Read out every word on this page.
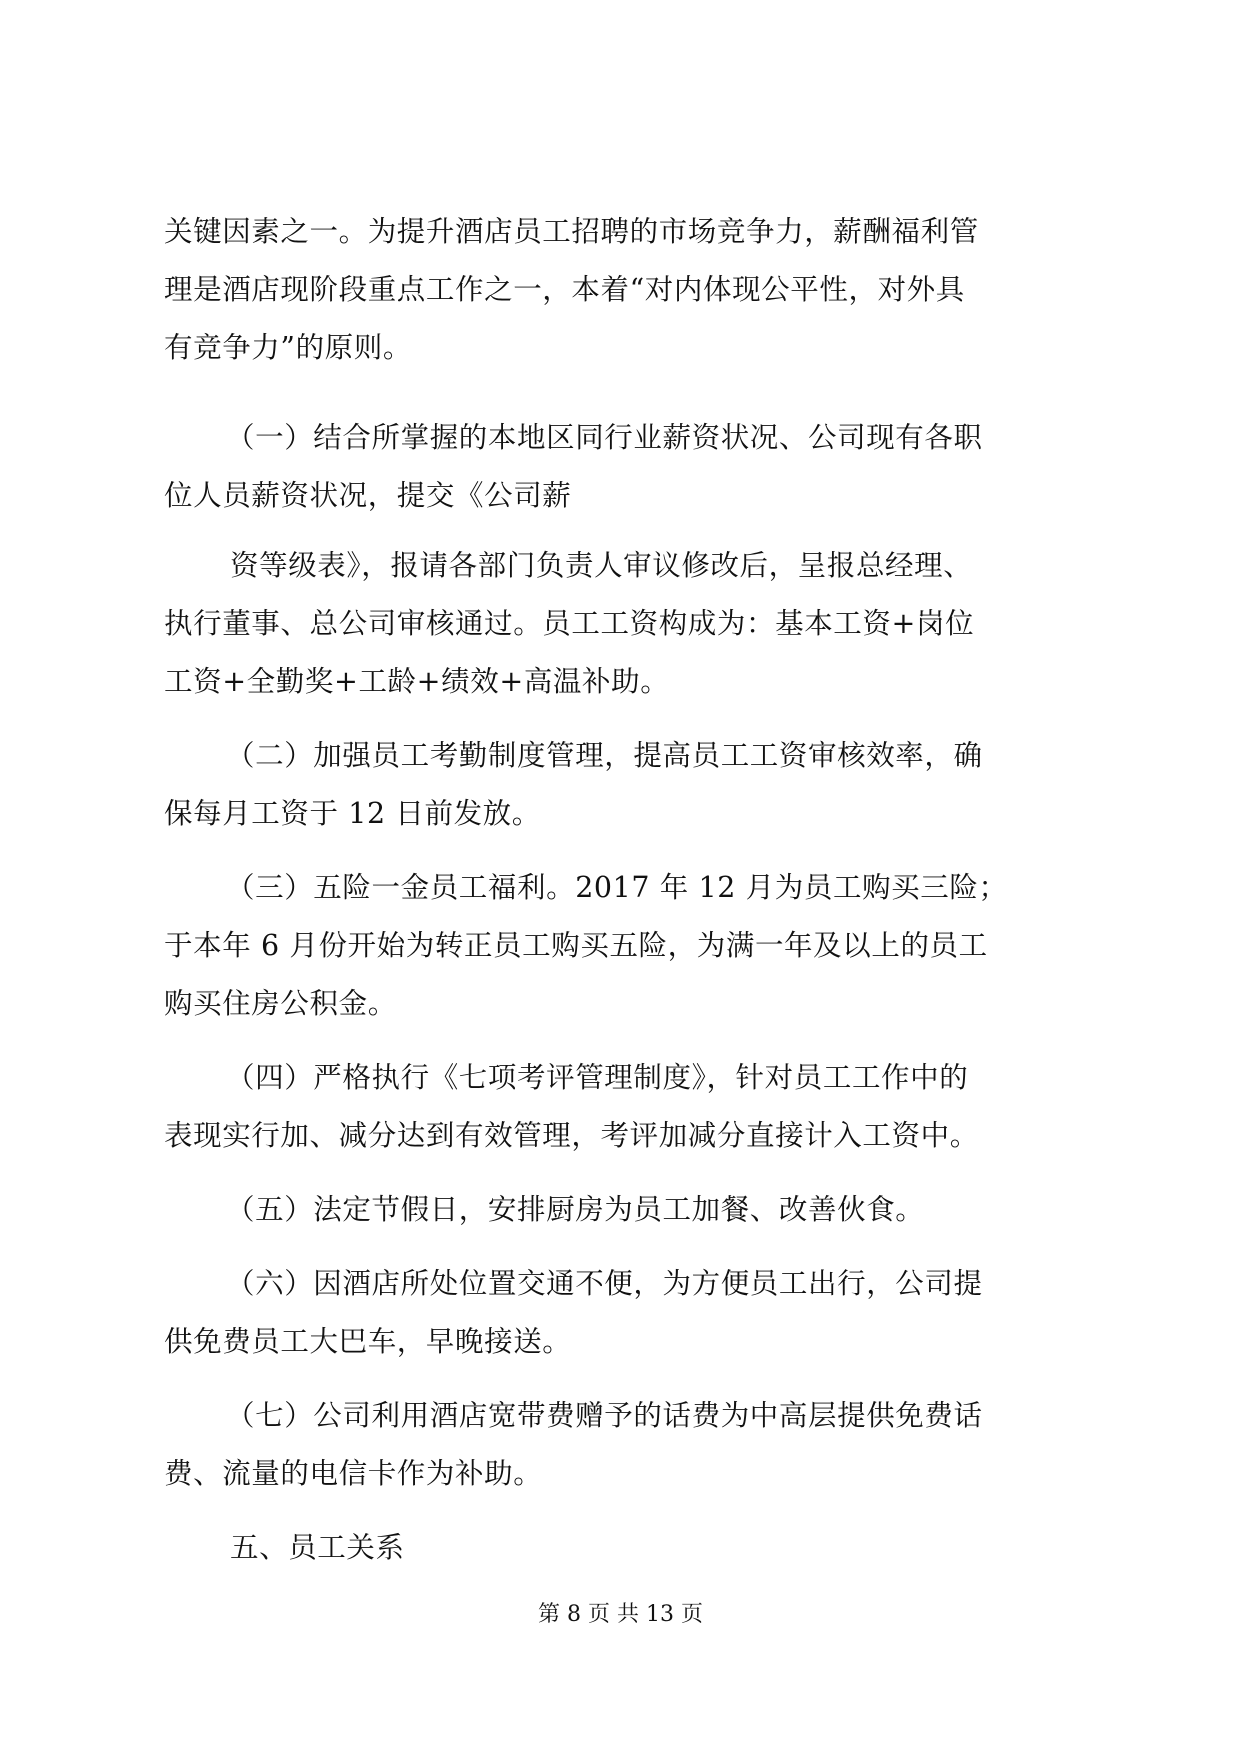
关键因素之一。为提升酒店员工招聘的市场竞争力，薪酬福利管
理是酒店现阶段重点工作之一，本着“对内体现公平性，对外具
有竞争力”的原则。
（一）结合所掌握的本地区同行业薪资状况、公司现有各职
位人员薪资状况，提交《公司薪
资等级表》，报请各部门负责人审议修改后，呈报总经理、
执行董事、总公司审核通过。员工工资构成为：基本工资+岗位
工资+全勤奖+工龄+绩效+高温补助。
（二）加强员工考勤制度管理，提高员工工资审核效率，确
保每月工资于 12 日前发放。
（三）五险一金员工福利。2017 年 12 月为员工购买三险；
于本年 6 月份开始为转正员工购买五险，为满一年及以上的员工
购买住房公积金。
（四）严格执行《七项考评管理制度》，针对员工工作中的
表现实行加、减分达到有效管理，考评加减分直接计入工资中。
（五）法定节假日，安排厨房为员工加餐、改善伙食。
（六）因酒店所处位置交通不便，为方便员工出行，公司提
供免费员工大巴车，早晚接送。
（七）公司利用酒店宽带费赠予的话费为中高层提供免费话
费、流量的电信卡作为补助。
五、员工关系
第 8 页 共 13 页
